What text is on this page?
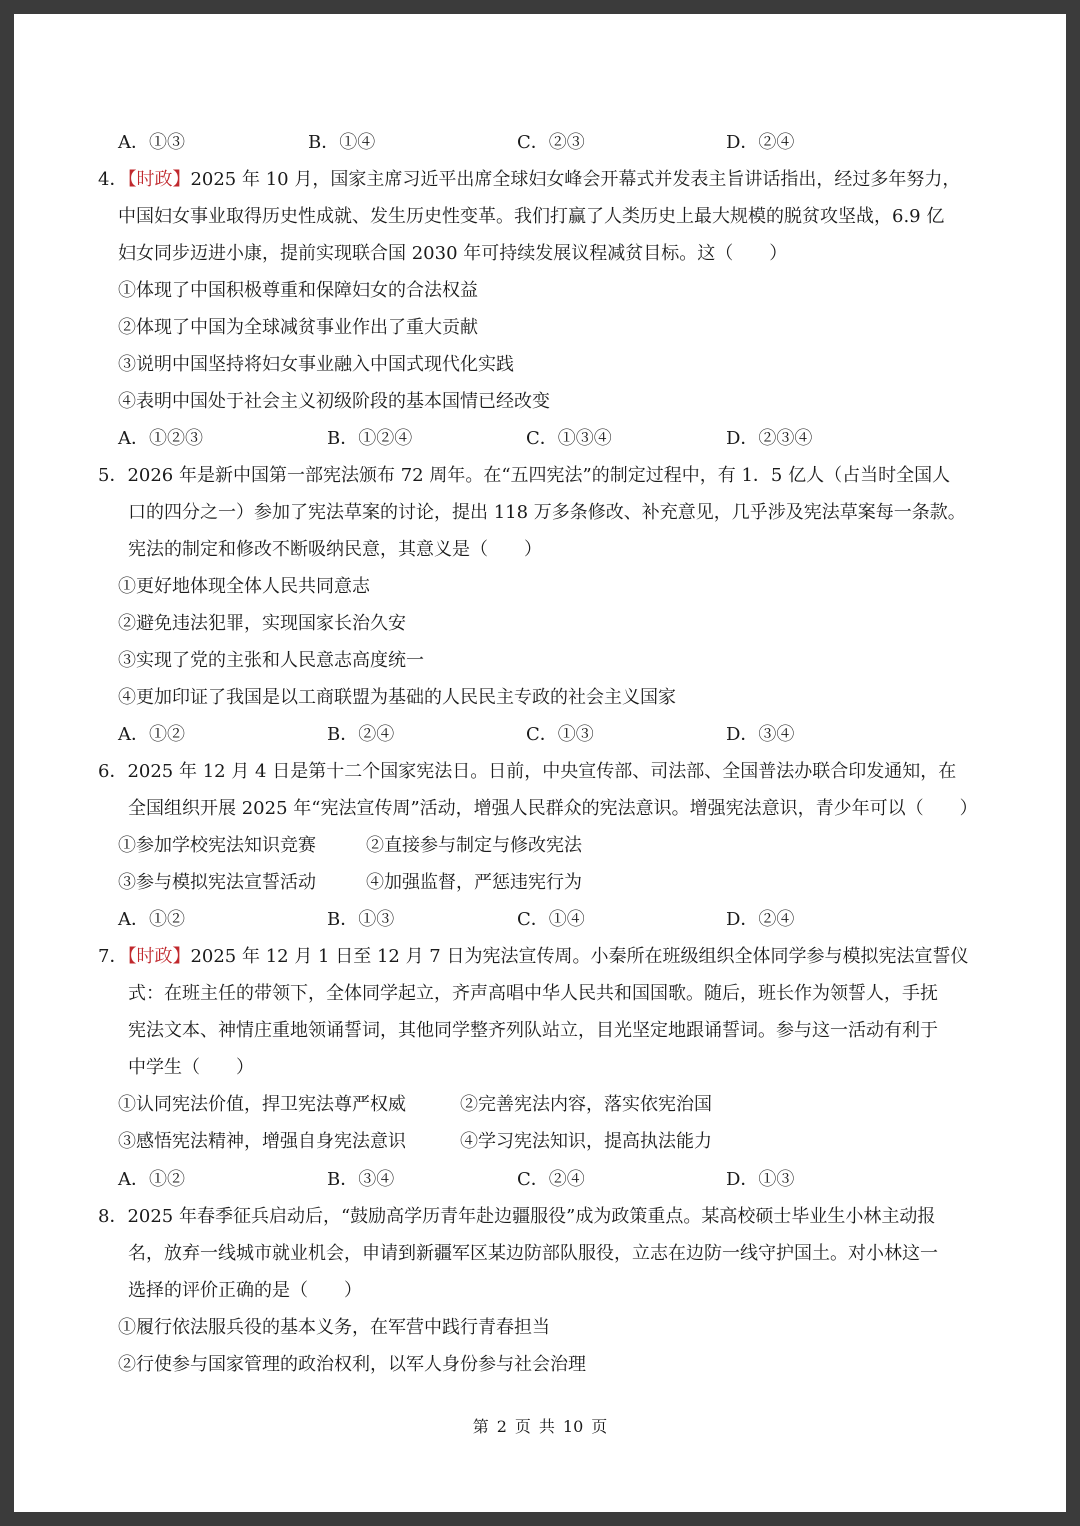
A．①③	B．①④	C．②③	D．②④
4．【时政】2025 年 10 月，国家主席习近平出席全球妇女峰会开幕式并发表主旨讲话指出，经过多年努力，
中国妇女事业取得历史性成就、发生历史性变革。我们打赢了人类历史上最大规模的脱贫攻坚战，6.9 亿
妇女同步迈进小康，提前实现联合国 2030 年可持续发展议程减贫目标。这（　　）
①体现了中国积极尊重和保障妇女的合法权益
②体现了中国为全球减贫事业作出了重大贡献
③说明中国坚持将妇女事业融入中国式现代化实践
④表明中国处于社会主义初级阶段的基本国情已经改变
A．①②③	B．①②④	C．①③④	D．②③④
5．2026 年是新中国第一部宪法颁布 72 周年。在“五四宪法”的制定过程中，有 1．5 亿人（占当时全国人
口的四分之一）参加了宪法草案的讨论，提出 118 万多条修改、补充意见，几乎涉及宪法草案每一条款。
宪法的制定和修改不断吸纳民意，其意义是（　　）
①更好地体现全体人民共同意志
②避免违法犯罪，实现国家长治久安
③实现了党的主张和人民意志高度统一
④更加印证了我国是以工商联盟为基础的人民民主专政的社会主义国家
A．①②	B．②④	C．①③	D．③④
6．2025 年 12 月 4 日是第十二个国家宪法日。日前，中央宣传部、司法部、全国普法办联合印发通知，在
全国组织开展 2025 年“宪法宣传周”活动，增强人民群众的宪法意识。增强宪法意识，青少年可以（　　）
①参加学校宪法知识竞赛	②直接参与制定与修改宪法
③参与模拟宪法宣誓活动	④加强监督，严惩违宪行为
A．①②	B．①③	C．①④	D．②④
7．【时政】2025 年 12 月 1 日至 12 月 7 日为宪法宣传周。小秦所在班级组织全体同学参与模拟宪法宣誓仪
式：在班主任的带领下，全体同学起立，齐声高唱中华人民共和国国歌。随后，班长作为领誓人，手抚
宪法文本、神情庄重地领诵誓词，其他同学整齐列队站立，目光坚定地跟诵誓词。参与这一活动有利于
中学生（　　）
①认同宪法价值，捍卫宪法尊严权威	②完善宪法内容，落实依宪治国
③感悟宪法精神，增强自身宪法意识	④学习宪法知识，提高执法能力
A．①②	B．③④	C．②④	D．①③
8．2025 年春季征兵启动后，“鼓励高学历青年赴边疆服役”成为政策重点。某高校硕士毕业生小林主动报
名，放弃一线城市就业机会，申请到新疆军区某边防部队服役，立志在边防一线守护国土。对小林这一
选择的评价正确的是（　　）
①履行依法服兵役的基本义务，在军营中践行青春担当
②行使参与国家管理的政治权利，以军人身份参与社会治理
第 2 页 共 10 页
